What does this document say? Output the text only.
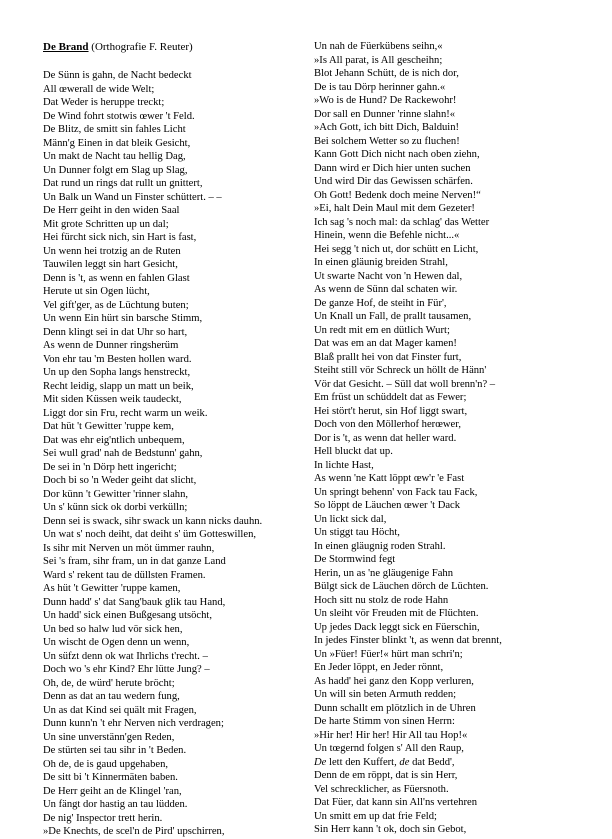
De Brand (Orthografie F. Reuter)
De Sünn is gahn, de Nacht bedeckt
All œwerall de wide Welt;
Dat Weder is heruppe treckt;
De Wind fohrt stotwis œwer 't Feld.
De Blitz, de smitt sin fahles Licht
Männ'g Einen in dat bleik Gesicht,
Un makt de Nacht tau hellig Dag,
Un Dunner folgt em Slag up Slag,
Dat rund un rings dat rullt un gnittert,
Un Balk un Wand un Finster schüttert. – –
De Herr geiht in den widen Saal
Mit grote Schritten up un dal;
Hei fürcht sick nich, sin Hart is fast,
Un wenn hei trotzig an de Ruten
Tauwilen leggt sin hart Gesicht,
Denn is 't, as wenn en fahlen Glast
Herute ut sin Ogen lücht,
Vel gift'ger, as de Lüchtung buten;
Un wenn Ein hürt sin barsche Stimm,
Denn klingt sei in dat Uhr so hart,
As wenn de Dunner ringsherüm
Von ehr tau 'm Besten hollen ward.
Un up den Sopha langs henstreckt,
Recht leidig, slapp un matt un beik,
Mit siden Küssen weik taudeckt,
Liggt dor sin Fru, recht warm un weik.
Dat hüt 't Gewitter 'ruppe kem,
Dat was ehr eig'ntlich unbequem,
Sei wull grad' nah de Bedstunn' gahn,
De sei in 'n Dörp hett ingericht;
Doch bi so 'n Weder geiht dat slicht,
Dor künn 't Gewitter 'rinner slahn,
Un s' künn sick ok dorbi verkülln;
Denn sei is swack, sihr swack un kann nicks dauhn.
Un wat s' noch deiht, dat deiht s' üm Gotteswillen,
Is sihr mit Nerven un möt ümmer rauhn,
Sei 's fram, sihr fram, un in dat ganze Land
Ward s' rekent tau de düllsten Framen.
As hüt 't Gewitter 'ruppe kamen,
Dunn hadd' s' dat Sang'bauk glik tau Hand,
Un hadd' sick einen Bußgesang utsöcht,
Un bed so halw lud vör sick hen,
Un wischt de Ogen denn un wenn,
Un süfzt denn ok wat Ihrlichs t'recht. –
Doch wo 's ehr Kind? Ehr lütte Jung? –
Oh, de, de würd' herute bröcht;
Denn as dat an tau wedern fung,
Un as dat Kind sei quält mit Fragen,
Dunn kunn'n 't ehr Nerven nich verdragen;
Un sine unverstänn'gen Reden,
De stürten sei tau sihr in 't Beden.
Oh de, de is gaud upgehaben,
De sitt bi 't Kinnermäten baben.
De Herr geiht an de Klingel 'ran,
Un fängt dor hastig an tau lüdden.
De nig' Inspector trett herin.
»De Knechts, de scel'n de Pird' upschirren,
Un nah de Füerkübens seihn,«
»Is All parat, is All gescheihn;
Blot Jehann Schütt, de is nich dor,
De is tau Dörp herinner gahn.«
»Wo is de Hund? De Rackewohr!
Dor sall en Dunner 'rinne slahn!«
»Ach Gott, ich bitt Dich, Balduin!
Bei solchem Wetter so zu fluchen!
Kann Gott Dich nicht nach oben ziehn,
Dann wird er Dich hier unten suchen
Und wird Dir das Gewissen schärfen.
Oh Gott! Bedenk doch meine Nerven!“
»Ei, halt Dein Maul mit dem Gezeter!
Ich sag 's noch mal: da schlag' das Wetter
Hinein, wenn die Befehle nicht...«
Hei segg 't nich ut, dor schütt en Licht,
In einen gläunig breiden Strahl,
Ut swarte Nacht von 'n Hewen dal,
As wenn de Sünn dal schaten wir.
De ganze Hof, de steiht in Für',
Un Knall un Fall, de prallt tausamen,
Un redt mit em en dütlich Wurt;
Dat was em an dat Mager kamen!
Blaß prallt hei von dat Finster furt,
Steiht still vör Schreck un höllt de Hänn'
Vör dat Gesicht. – Süll dat woll brenn'n? –
Em früst un schüddelt dat as Fewer;
Hei stört't herut, sin Hof liggt swart,
Doch von den Möllerhof herœwer,
Dor is 't, as wenn dat heller ward.
Hell bluckt dat up.
In lichte Hast,
As wenn 'ne Katt löppt œw'r 'e Fast
Un springt behenn' von Fack tau Fack,
So löppt de Läuchen œwer 't Dack
Un lickt sick dal,
Un stiggt tau Höcht,
In einen gläugnig roden Strahl.
De Stormwind fegt
Herin, un as 'ne gläugenige Fahn
Bülgt sick de Läuchen dörch de Lüchten.
Hoch sitt nu stolz de rode Hahn
Un sleiht vör Freuden mit de Flüchten.
Up jedes Dack leggt sick en Füerschin,
In jedes Finster blinkt 't, as wenn dat brennt,
Un »Füer! Füer!« hürt man schri'n;
En Jeder löppt, en Jeder rönnt,
As hadd' hei ganz den Kopp verluren,
Un will sin beten Armuth redden;
Dunn schallt em plötzlich in de Uhren
De harte Stimm von sinen Herrn:
»Hir her! Hir her! Hir All tau Hop!«
Un tœgernd folgen s' All den Raup,
De lett den Kuffert, de dat Bedd',
Denn de em röppt, dat is sin Herr,
Vel schrecklicher, as Füersnoth.
Dat Füer, dat kann sin All'ns vertehren
Un smitt em up dat frie Feld;
Sin Herr kann 't ok, doch sin Gebot,
